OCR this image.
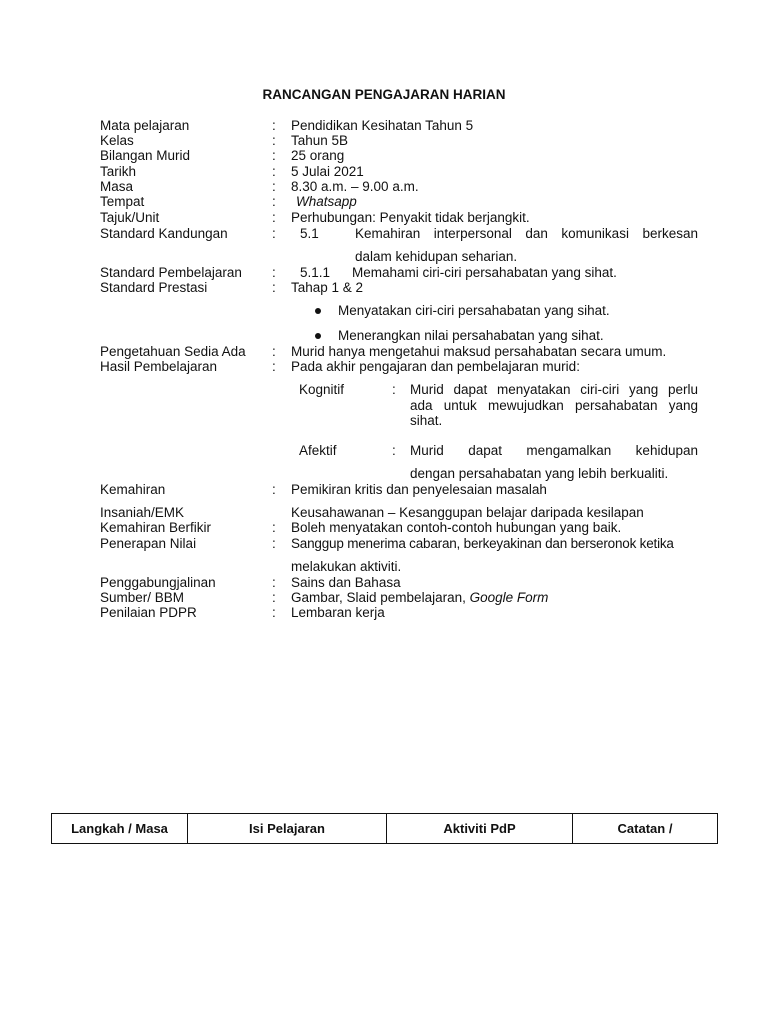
RANCANGAN PENGAJARAN HARIAN
Mata pelajaran	: Pendidikan Kesihatan Tahun 5
Kelas	: Tahun 5B
Bilangan Murid	: 25 orang
Tarikh	: 5 Julai 2021
Masa	: 8.30 a.m. – 9.00 a.m.
Tempat	: Whatsapp
Tajuk/Unit	: Perhubungan: Penyakit tidak berjangkit.
Standard Kandungan	: 5.1	Kemahiran interpersonal dan komunikasi berkesan
dalam kehidupan seharian.
Standard Pembelajaran : 5.1.1 Memahami ciri-ciri persahabatan yang sihat.
Standard Prestasi	: Tahap 1 & 2
Menyatakan ciri-ciri persahabatan yang sihat.
Menerangkan nilai persahabatan yang sihat.
Pengetahuan Sedia Ada : Murid hanya mengetahui maksud persahabatan secara umum.
Hasil Pembelajaran	: Pada akhir pengajaran dan pembelajaran murid:
Kognitif	: Murid dapat menyatakan ciri-ciri yang perlu
ada untuk mewujudkan persahabatan yang
sihat.
Afektif	: Murid dapat mengamalkan kehidupan
dengan persahabatan yang lebih berkualiti.
Kemahiran	: Pemikiran kritis dan penyelesaian masalah
Insaniah/EMK	Keusahawanan – Kesanggupan belajar daripada kesilapan
Kemahiran Berfikir	: Boleh menyatakan contoh-contoh hubungan yang baik.
Penerapan Nilai	: Sanggup menerima cabaran, berkeyakinan dan berseronok ketika
melakukan aktiviti.
Penggabungjalinan	: Sains dan Bahasa
Sumber/ BBM	: Gambar, Slaid pembelajaran, Google Form
Penilaian PDPR	: Lembaran kerja
Langkah / Masa	Isi Pelajaran	Aktiviti PdP	Catatan /
